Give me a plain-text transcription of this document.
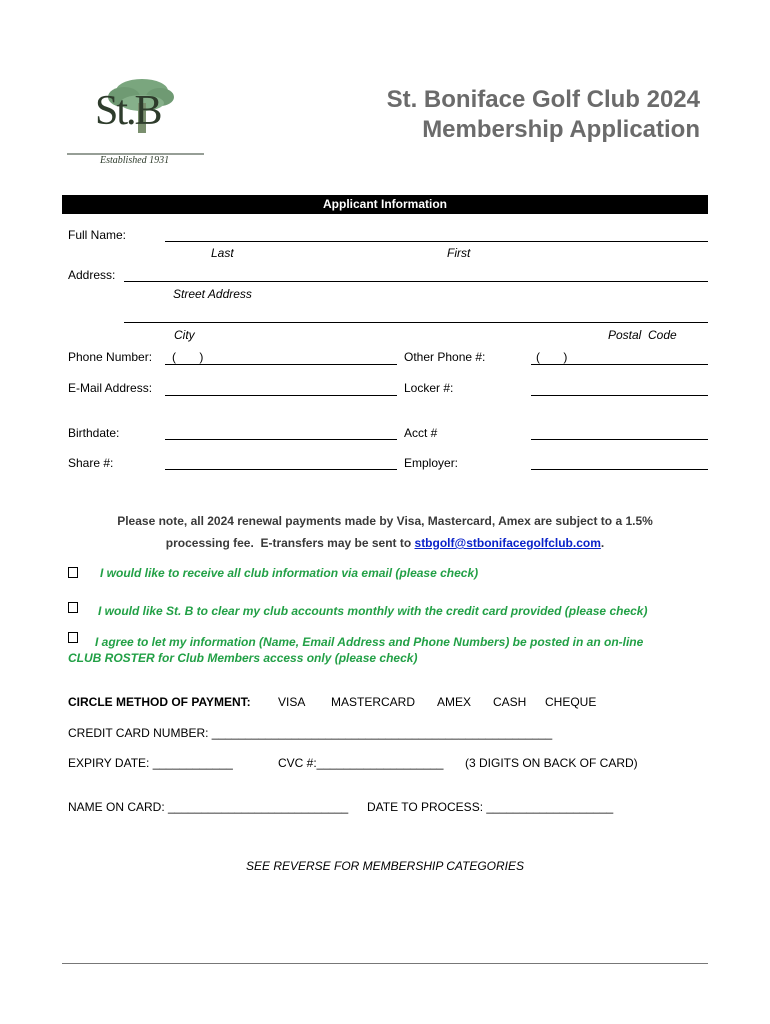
St.B
Established 1931
St. Boniface Golf Club 2024
Membership Application
Applicant Information
Full Name:
Last	First
Address:
Street Address
City	Postal  Code
Phone Number: (       )	Other Phone #:	(       )
E-Mail Address:	Locker #:
Birthdate:	Acct #
Share #:	Employer:
Please note, all 2024 renewal payments made by Visa, Mastercard, Amex are subject to a 1.5%
processing fee.  E-transfers may be sent to stbgolf@stbonifacegolfclub.com.
I would like to receive all club information via email (please check)
I would like St. B to clear my club accounts monthly with the credit card provided (please check)
I agree to let my information (Name, Email Address and Phone Numbers) be posted in an on-line
CLUB ROSTER for Club Members access only (please check)
CIRCLE METHOD OF PAYMENT: VISA MASTERCARD AMEX CASH CHEQUE
CREDIT CARD NUMBER: ___________________________________________________
EXPIRY DATE: ____________	CVC #:___________________ (3 DIGITS ON BACK OF CARD)
NAME ON CARD: ___________________________ DATE TO PROCESS: ___________________
SEE REVERSE FOR MEMBERSHIP CATEGORIES
